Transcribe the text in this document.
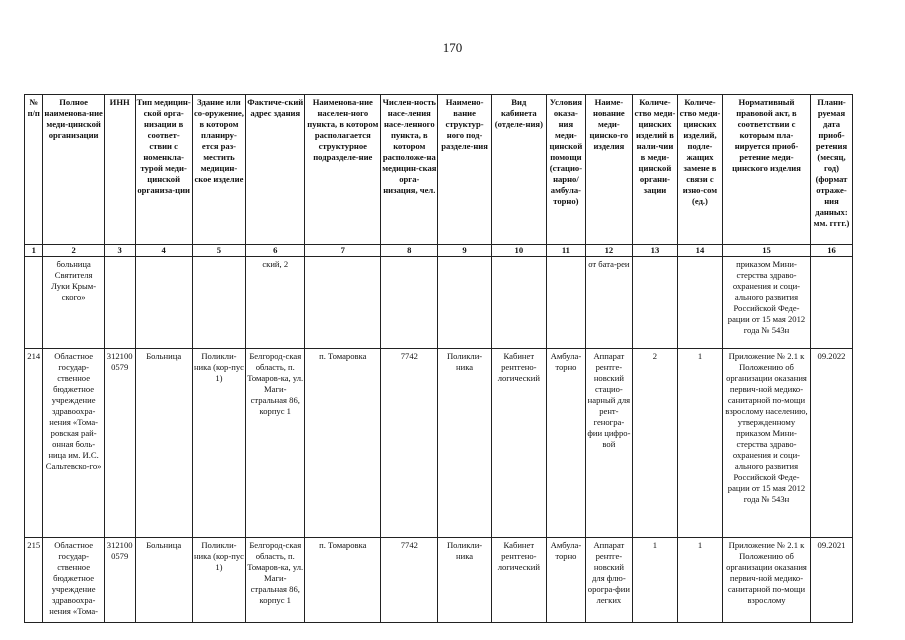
170
№ п/п	Полное наименова-ние меди-цинской организации	ИНН	Тип медицин-ской орга-низации в соответ-ствии с номенкла-турой меди-цинской организа-ции	Здание или со-оружение, в котором планиру-ется раз-местить медицин-ское изделие	Фактиче-ский адрес здания	Наименова-ние населен-ного пункта, в котором располагается структурное подразделе-ние	Числен-ность насе-ления насе-ленного пункта, в котором расположе-на медицин-ская орга-низация, чел.	Наимено-вание структур-ного под-разделе-ния	Вид кабинета (отделе-ния)	Условия оказа-ния меди-цинской помощи (стацио-нарно/ амбула-торно)	Наиме-нование меди-цинско-го изделия	Количе-ство меди-цинских изделий в нали-чии в меди-цинской органи-зации	Количе-ство меди-цинских изделий, подле-жащих замене в связи с изно-сом (ед.)	Нормативный правовой акт, в соответствии с которым пла-нируется приоб-ретение меди-цинского изделия	Плани-руемая дата приоб-ретения (месяц, год) (формат отраже-ния данных: мм. гггг.)
1	2	3	4	5	6	7	8	9	10	11	12	13	14	15	16
	больница Святителя Луки Крым-ского»				ский, 2						от бата-реи			приказом Мини-стерства здраво-охранения и соци-ального развития Российской Феде-рации от 15 мая 2012 года № 543н	
214	Областное государ-ственное бюджетное учреждение здравоохра-нения «Тома-ровская рай-онная боль-ница им. И.С. Сальтевско-го»	312100 0579	Больница	Поликли-ника (кор-пус 1)	Белгород-ская область, п. Томаров-ка, ул. Маги-стральная 86, корпус 1	п. Томаровка	7742	Поликли-ника	Кабинет рентгено-логический	Амбула-торно	Аппарат рентге-новский стацио-нарный для рент-геногра-фии цифро-вой	2	1	Приложение № 2.1 к Положению об организации оказания первич-ной медико-санитарной по-мощи взрослому населению, утвержденному приказом Мини-стерства здраво-охранения и соци-ального развития Российской Феде-рации от 15 мая 2012 года № 543н	09.2022
215	Областное государ-ственное бюджетное учреждение здравоохра-нения «Тома-	312100 0579	Больница	Поликли-ника (кор-пус 1)	Белгород-ская область, п. Томаров-ка, ул. Маги-стральная 86, корпус 1	п. Томаровка	7742	Поликли-ника	Кабинет рентгено-логический	Амбула-торно	Аппарат рентге-новский для флю-орогра-фии легких	1	1	Приложение № 2.1 к Положению об организации оказания первич-ной медико-санитарной по-мощи взрослому	09.2021
